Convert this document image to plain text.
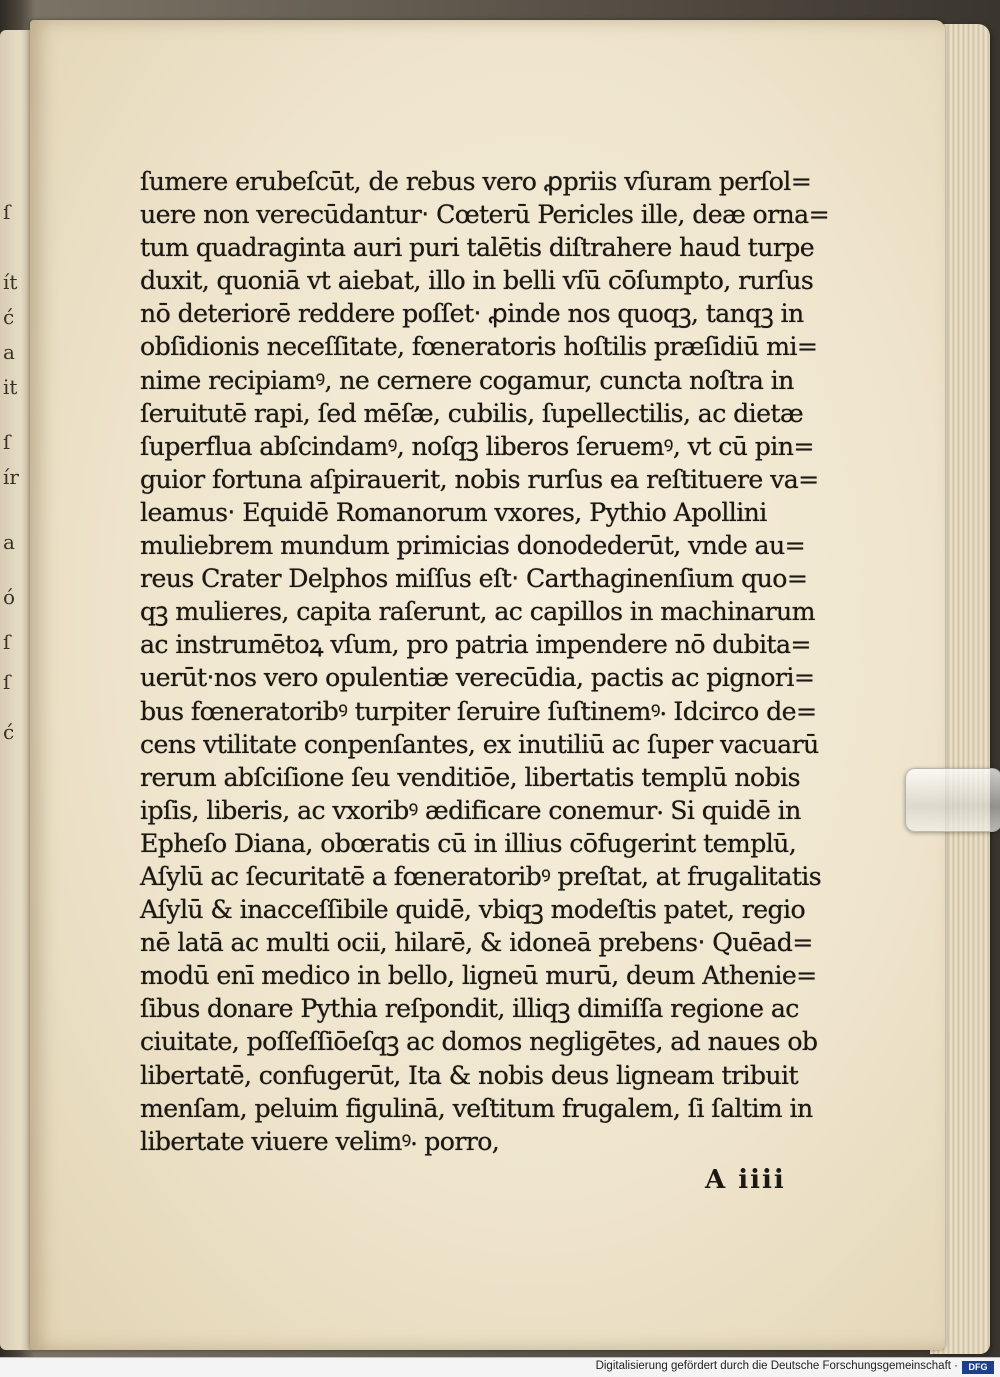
ſ
ít
ć
a
it
ſ
ír
a
ó
ſ
ſ
ć
ſumere erubeſcūt, de rebus vero ꝓpriis vſuram perſol=
uere non verecūdantur‧ Cœterū Pericles ille, deæ orna=
tum quadraginta auri puri talētis diſtrahere haud turpe
duxit, quoniā vt aiebat, illo in belli vſū cōſumpto, rurſus
nō deteriorē reddere poſſet‧ ꝓinde nos quoqꝫ, tanqꝫ in
obſidionis neceſſitate, fœneratoris hoſtilis præſidiū mi=
nime recipiamꝰ, ne cernere cogamur, cuncta noſtra in
ſeruitutē rapi, ſed mēſæ, cubilis, ſupellectilis, ac dietæ
ſuperflua abſcindamꝰ, noſqꝫ liberos ſeruemꝰ, vt cū pin=
guior fortuna aſpirauerit, nobis rurſus ea reſtituere va=
leamus‧ Equidē Romanorum vxores, Pythio Apollini
muliebrem mundum primicias donodederūt, vnde au=
reus Crater Delphos miſſus eſt‧ Carthaginenſium quo=
qꝫ mulieres, capita raſerunt, ac capillos in machinarum
ac instrumētoꝝ vſum, pro patria impendere nō dubita=
uerūt‧nos vero opulentiæ verecūdia, pactis ac pignori=
bus fœneratoribꝰ turpiter ſeruire ſuſtinemꝰ‧ Idcirco de=
cens vtilitate conpenſantes, ex inutiliū ac ſuper vacuarū
rerum abſciſione ſeu venditiōe, libertatis templū nobis
ipſis, liberis, ac vxoribꝰ ædificare conemur‧ Si quidē in
Epheſo Diana, obœratis cū in illius cōfugerint templū,
Aſylū ac ſecuritatē a fœneratoribꝰ preſtat, at frugalitatis
Aſylū & inacceſſibile quidē, vbiqꝫ modeſtis patet, regio
nē latā ac multi ocii, hilarē, & idoneā prebens‧ Quēad=
modū enī medico in bello, ligneū murū, deum Athenie=
ſibus donare Pythia reſpondit, illiqꝫ dimiſſa regione ac
ciuitate, poſſeſſiōeſqꝫ ac domos negligētes, ad naues ob
libertatē, confugerūt, Ita & nobis deus ligneam tribuit
menſam, peluim figulinā, veſtitum frugalem, ſi ſaltim in
libertate viuere velimꝰ‧ porro,
A iiii
Digitalisierung gefördert durch die Deutsche Forschungsgemeinschaft ·	DFG
